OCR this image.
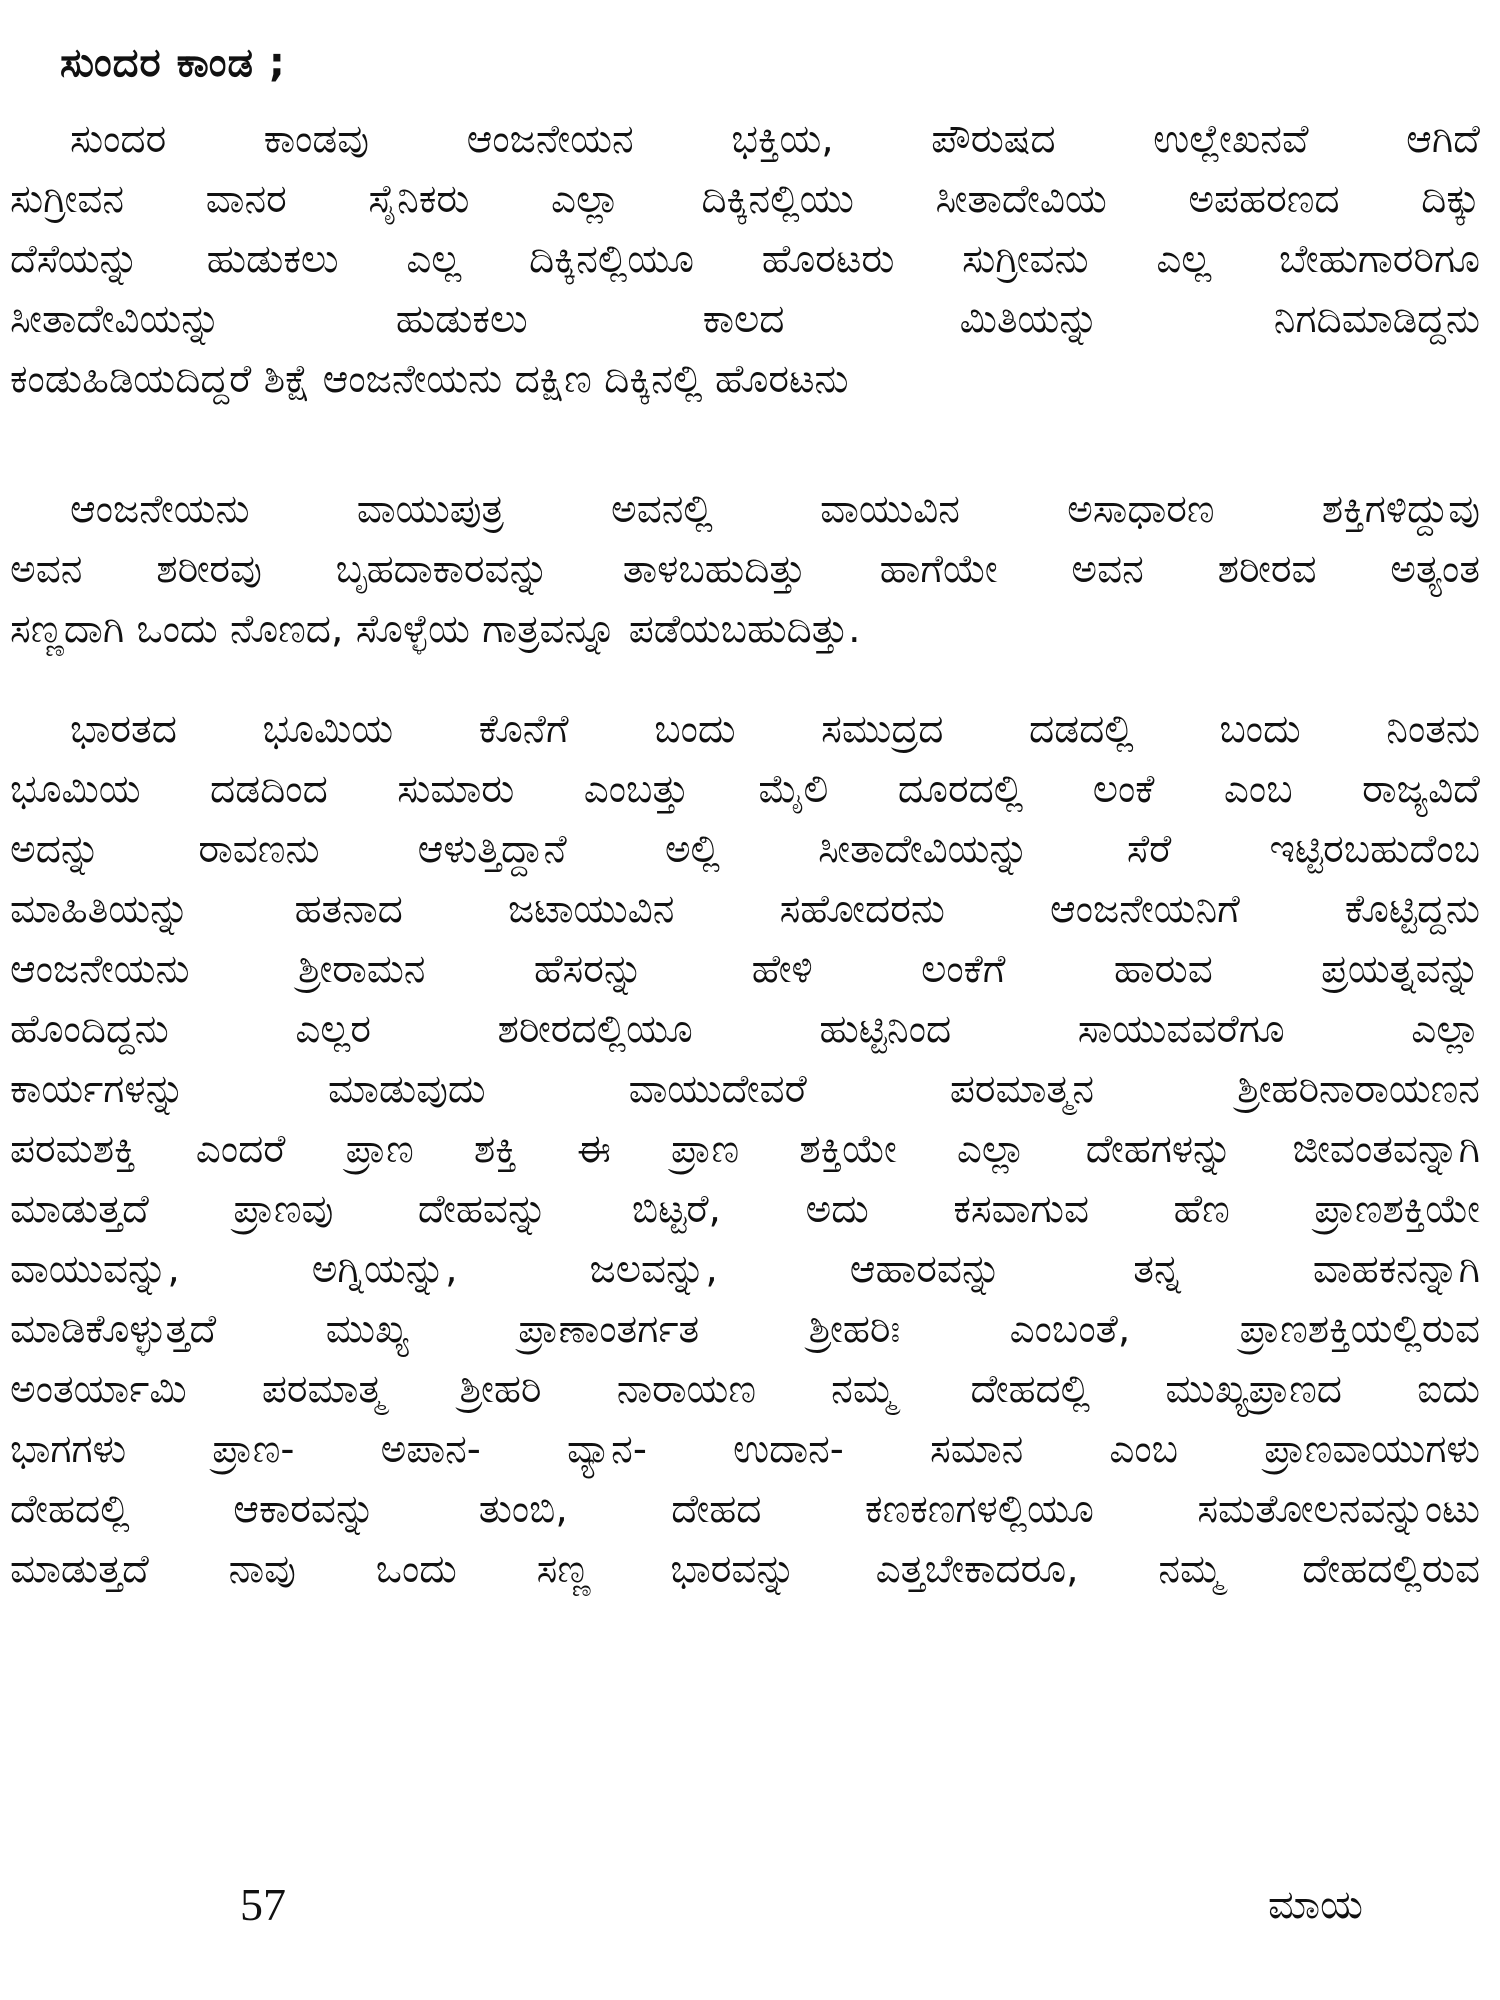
ಸುಂದರ ಕಾಂಡ ;
ಸುಂದರ ಕಾಂಡವು ಆಂಜನೇಯನ ಭಕ್ತಿಯ, ಪೌರುಷದ ಉಲ್ಲೇಖನವೆ ಆಗಿದೆ
ಸುಗ್ರೀವನ ವಾನರ ಸೈನಿಕರು ಎಲ್ಲಾ ದಿಕ್ಕಿನಲ್ಲಿಯು ಸೀತಾದೇವಿಯ ಅಪಹರಣದ ದಿಕ್ಕು
ದೆಸೆಯನ್ನು ಹುಡುಕಲು ಎಲ್ಲ ದಿಕ್ಕಿನಲ್ಲಿಯೂ ಹೊರಟರು ಸುಗ್ರೀವನು ಎಲ್ಲ ಬೇಹುಗಾರರಿಗೂ
ಸೀತಾದೇವಿಯನ್ನು ಹುಡುಕಲು ಕಾಲದ ಮಿತಿಯನ್ನು ನಿಗದಿಮಾಡಿದ್ದನು
ಕಂಡುಹಿಡಿಯದಿದ್ದರೆ ಶಿಕ್ಷೆ ಆಂಜನೇಯನು ದಕ್ಷಿಣ ದಿಕ್ಕಿನಲ್ಲಿ ಹೊರಟನು
ಆಂಜನೇಯನು ವಾಯುಪುತ್ರ ಅವನಲ್ಲಿ ವಾಯುವಿನ ಅಸಾಧಾರಣ ಶಕ್ತಿಗಳಿದ್ದುವು
ಅವನ ಶರೀರವು ಬೃಹದಾಕಾರವನ್ನು ತಾಳಬಹುದಿತ್ತು ಹಾಗೆಯೇ ಅವನ ಶರೀರವ ಅತ್ಯಂತ
ಸಣ್ಣದಾಗಿ ಒಂದು ನೊಣದ, ಸೊಳ್ಳೆಯ ಗಾತ್ರವನ್ನೂ ಪಡೆಯಬಹುದಿತ್ತು.
ಭಾರತದ ಭೂಮಿಯ ಕೊನೆಗೆ ಬಂದು ಸಮುದ್ರದ ದಡದಲ್ಲಿ ಬಂದು ನಿಂತನು
ಭೂಮಿಯ ದಡದಿಂದ ಸುಮಾರು ಎಂಬತ್ತು ಮೈಲಿ ದೂರದಲ್ಲಿ ಲಂಕೆ ಎಂಬ ರಾಜ್ಯವಿದೆ
ಅದನ್ನು ರಾವಣನು ಆಳುತ್ತಿದ್ದಾನೆ ಅಲ್ಲಿ ಸೀತಾದೇವಿಯನ್ನು ಸೆರೆ ಇಟ್ಟಿರಬಹುದೆಂಬ
ಮಾಹಿತಿಯನ್ನು ಹತನಾದ ಜಟಾಯುವಿನ ಸಹೋದರನು ಆಂಜನೇಯನಿಗೆ ಕೊಟ್ಟಿದ್ದನು
ಆಂಜನೇಯನು ಶ್ರೀರಾಮನ ಹೆಸರನ್ನು ಹೇಳಿ ಲಂಕೆಗೆ ಹಾರುವ ಪ್ರಯತ್ನವನ್ನು
ಹೊಂದಿದ್ದನು ಎಲ್ಲರ ಶರೀರದಲ್ಲಿಯೂ ಹುಟ್ಟಿನಿಂದ ಸಾಯುವವರೆಗೂ ಎಲ್ಲಾ
ಕಾರ್ಯಗಳನ್ನು ಮಾಡುವುದು ವಾಯುದೇವರೆ ಪರಮಾತ್ಮನ ಶ್ರೀಹರಿನಾರಾಯಣನ
ಪರಮಶಕ್ತಿ ಎಂದರೆ ಪ್ರಾಣ ಶಕ್ತಿ ಈ ಪ್ರಾಣ ಶಕ್ತಿಯೇ ಎಲ್ಲಾ ದೇಹಗಳನ್ನು ಜೀವಂತವನ್ನಾಗಿ
ಮಾಡುತ್ತದೆ ಪ್ರಾಣವು ದೇಹವನ್ನು ಬಿಟ್ಟರೆ, ಅದು ಕಸವಾಗುವ ಹೆಣ ಪ್ರಾಣಶಕ್ತಿಯೇ
ವಾಯುವನ್ನು, ಅಗ್ನಿಯನ್ನು, ಜಲವನ್ನು, ಆಹಾರವನ್ನು ತನ್ನ ವಾಹಕನನ್ನಾಗಿ
ಮಾಡಿಕೊಳ್ಳುತ್ತದೆ ಮುಖ್ಯ ಪ್ರಾಣಾಂತರ್ಗತ ಶ್ರೀಹರಿಃ ಎಂಬಂತೆ, ಪ್ರಾಣಶಕ್ತಿಯಲ್ಲಿರುವ
ಅಂತರ್ಯಾಮಿ ಪರಮಾತ್ಮ ಶ್ರೀಹರಿ ನಾರಾಯಣ ನಮ್ಮ ದೇಹದಲ್ಲಿ ಮುಖ್ಯಪ್ರಾಣದ ಐದು
ಭಾಗಗಳು ಪ್ರಾಣ- ಅಪಾನ- ವ್ಯಾನ- ಉದಾನ- ಸಮಾನ ಎಂಬ ಪ್ರಾಣವಾಯುಗಳು
ದೇಹದಲ್ಲಿ ಆಕಾರವನ್ನು ತುಂಬಿ, ದೇಹದ ಕಣಕಣಗಳಲ್ಲಿಯೂ ಸಮತೋಲನವನ್ನುಂಟು
ಮಾಡುತ್ತದೆ ನಾವು ಒಂದು ಸಣ್ಣ ಭಾರವನ್ನು ಎತ್ತಬೇಕಾದರೂ, ನಮ್ಮ ದೇಹದಲ್ಲಿರುವ
57	ಮಾಯ
